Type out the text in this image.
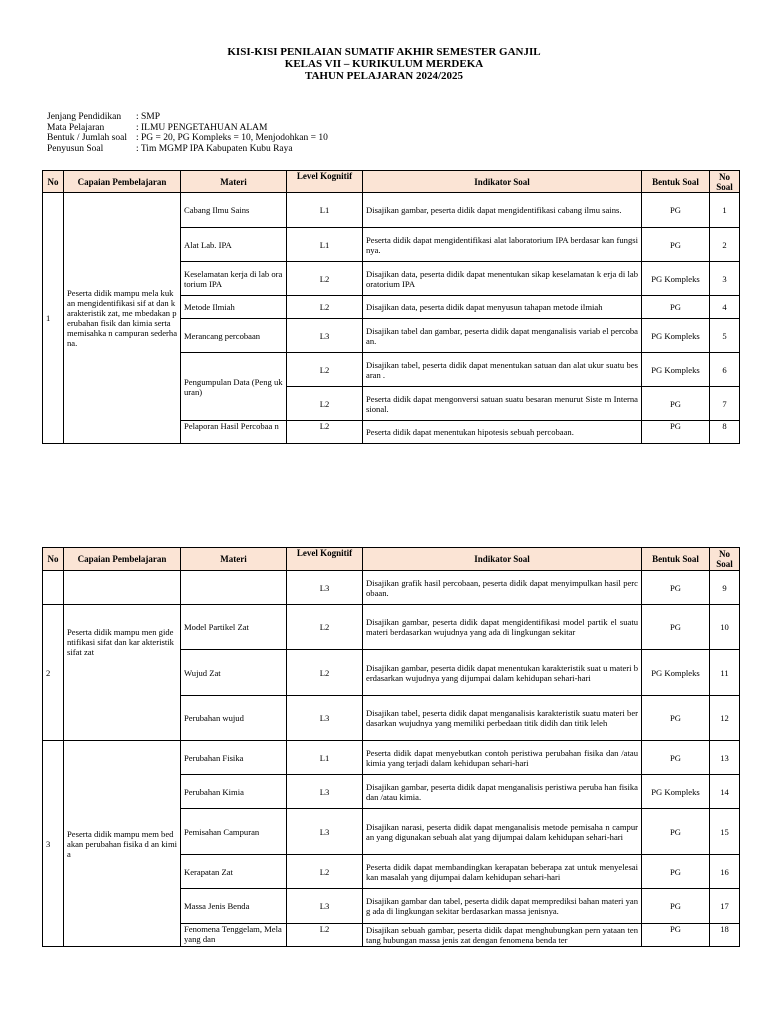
KISI-KISI PENILAIAN SUMATIF AKHIR SEMESTER GANJIL
KELAS VII – KURIKULUM MERDEKA
TAHUN PELAJARAN 2024/2025
Jenjang Pendidikan	: SMP
Mata Pelajaran	: ILMU PENGETAHUAN ALAM
Bentuk / Jumlah soal : PG = 20, PG Kompleks = 10, Menjodohkan = 10
Penyusun Soal	: Tim MGMP IPA Kabupaten Kubu Raya
No	Capaian Pembelajaran	Materi	Level Kognitif	Indikator Soal	Bentuk Soal	No Soal
1	Peserta didik mampu mela kukan mengidentifikasi sif at dan karakteristik zat, me mbedakan perubahan fisik dan kimia serta memisahka n campuran sederhana.	Cabang Ilmu Sains	L1	Disajikan gambar, peserta didik dapat mengidentifikasi cabang ilmu sains.	PG	1
		Alat Lab. IPA	L1	Peserta didik dapat mengidentifikasi alat laboratorium IPA berdasar kan fungsinya.	PG	2
		Keselamatan kerja di lab oratorium IPA	L2	Disajikan data, peserta didik dapat menentukan sikap keselamatan k erja di laboratorium IPA	PG Kompleks	3
		Metode Ilmiah	L2	Disajikan data, peserta didik dapat menyusun tahapan metode ilmiah	PG	4
		Merancang percobaan	L3	Disajikan tabel dan gambar, peserta didik dapat menganalisis variab el percobaan.	PG Kompleks	5
		Pengumpulan Data (Peng ukuran)	L2	Disajikan tabel, peserta didik dapat menentukan satuan dan alat ukur suatu besaran .	PG Kompleks	6
			L2	Peserta didik dapat mengonversi satuan suatu besaran menurut Siste m Internasional.	PG	7
		Pelaporan Hasil Percobaa n	L2	Peserta didik dapat menentukan hipotesis sebuah percobaan.	PG	8
No	Capaian Pembelajaran	Materi	Level Kognitif	Indikator Soal	Bentuk Soal	No Soal
			L3	Disajikan grafik hasil percobaan, peserta didik dapat menyimpulkan hasil percobaan.	PG	9
2	Peserta didik mampu men gidentifikasi sifat dan kar akteristik sifat zat	Model Partikel Zat	L2	Disajikan gambar, peserta didik dapat mengidentifikasi model partik el suatu materi berdasarkan wujudnya yang ada di lingkungan sekitar	PG	10
		Wujud Zat	L2	Disajikan gambar, peserta didik dapat menentukan karakteristik suat u materi berdasarkan wujudnya yang dijumpai dalam kehidupan sehari-hari	PG Kompleks	11
		Perubahan wujud	L3	Disajikan tabel, peserta didik dapat menganalisis karakteristik suatu materi berdasarkan wujudnya yang memiliki perbedaan titik didih dan titik leleh	PG	12
3	Peserta didik mampu mem bedakan perubahan fisika d an kimia	Perubahan Fisika	L1	Peserta didik dapat menyebutkan contoh peristiwa perubahan fisika dan /atau kimia yang terjadi dalam kehidupan sehari-hari	PG	13
		Perubahan Kimia	L3	Disajikan gambar, peserta didik dapat menganalisis peristiwa peruba han fisika dan /atau kimia.	PG Kompleks	14
		Pemisahan Campuran	L3	Disajikan narasi, peserta didik dapat menganalisis metode pemisaha n campuran yang digunakan sebuah alat yang dijumpai dalam kehidupan sehari-hari	PG	15
		Kerapatan Zat	L2	Peserta didik dapat membandingkan kerapatan beberapa zat untuk menyelesaikan masalah yang dijumpai dalam kehidupan sehari-hari	PG	16
		Massa Jenis Benda	L3	Disajikan gambar dan tabel, peserta didik dapat memprediksi bahan materi yang ada di lingkungan sekitar berdasarkan massa jenisnya.	PG	17
		Fenomena Tenggelam, Melayang dan	L2	Disajikan sebuah gambar, peserta didik dapat menghubungkan pern yataan tentang hubungan massa jenis zat dengan fenomena benda ter	PG	18
